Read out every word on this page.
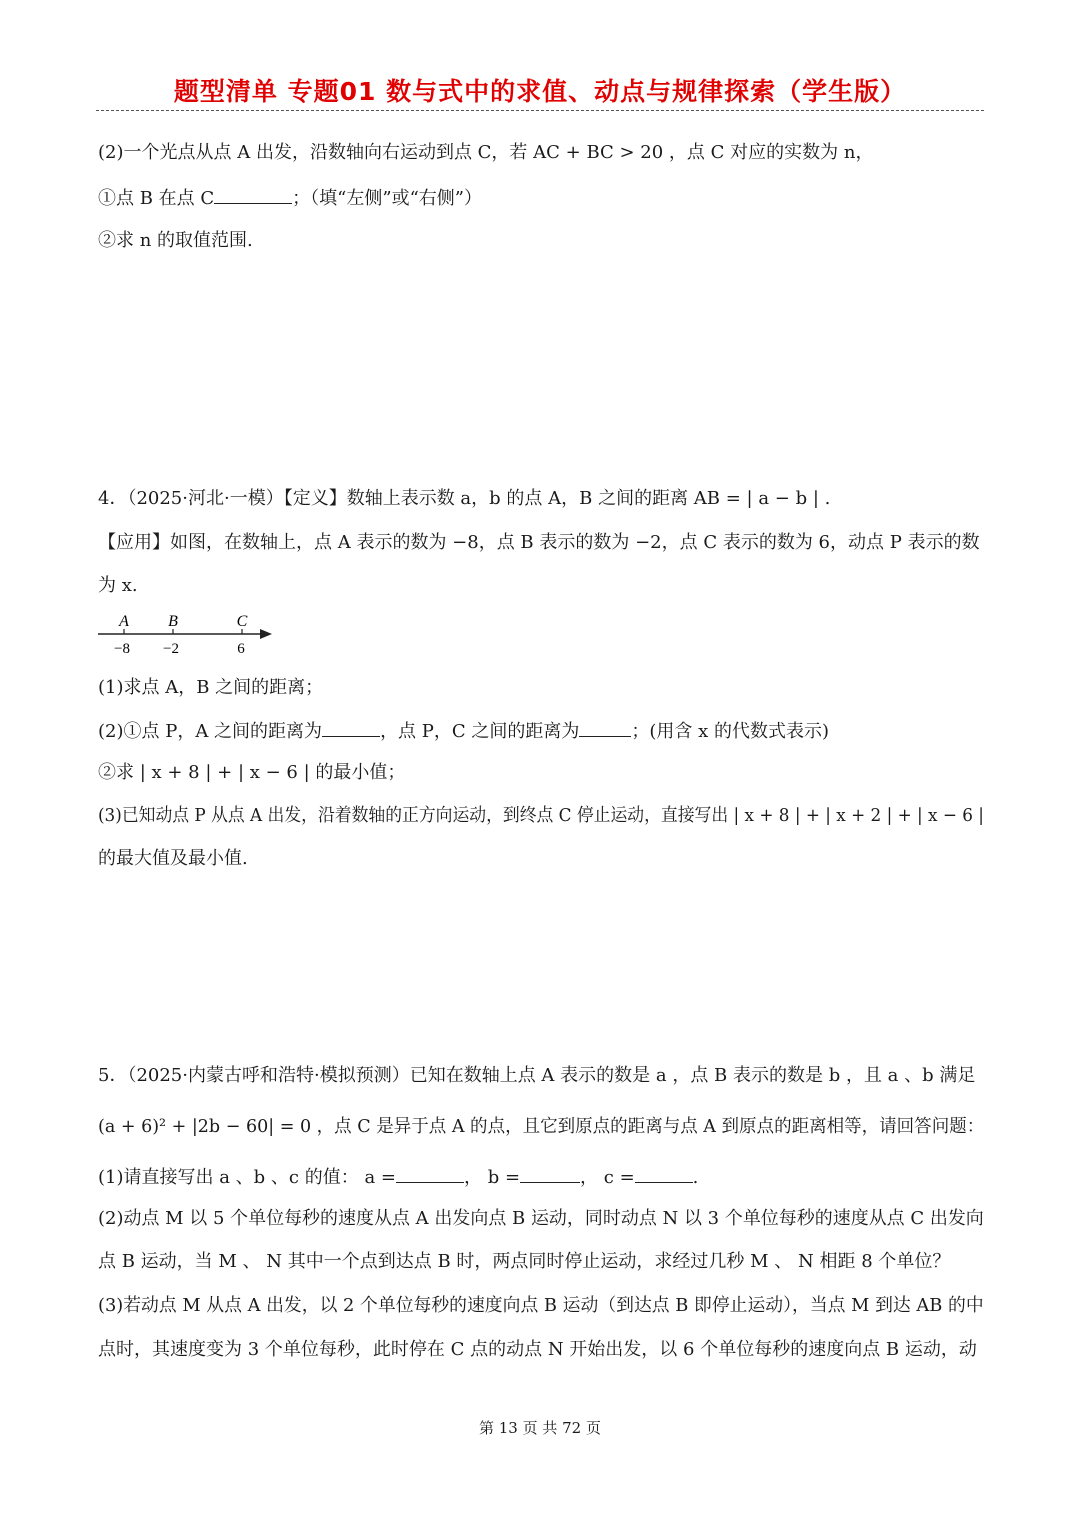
题型清单 专题01 数与式中的求值、动点与规律探索（学生版）
(2)一个光点从点 A 出发，沿数轴向右运动到点 C，若 AC + BC > 20 ，点 C 对应的实数为 n，
①点 B 在点 C	；（填“左侧”或“右侧”）
②求 n 的取值范围.
4．（2025·河北·一模）【定义】数轴上表示数 a，b 的点 A，B 之间的距离 AB = | a − b | .
【应用】如图，在数轴上，点 A 表示的数为 −8，点 B 表示的数为 −2，点 C 表示的数为 6，动点 P 表示的数
为 x.
A B	C
−8 −2	6
(1)求点 A，B 之间的距离；
(2)①点 P，A 之间的距离为	，点 P，C 之间的距离为	；(用含 x 的代数式表示)
②求 | x + 8 | + | x − 6 | 的最小值；
(3)已知动点 P 从点 A 出发，沿着数轴的正方向运动，到终点 C 停止运动，直接写出 | x + 8 | + | x + 2 | + | x − 6 |
的最大值及最小值.
5．（2025·内蒙古呼和浩特·模拟预测）已知在数轴上点 A 表示的数是 a ，点 B 表示的数是 b ，且 a 、b 满足
(a + 6)² + |2b − 60| = 0 ，点 C 是异于点 A 的点，且它到原点的距离与点 A 到原点的距离相等，请回答问题：
(1)请直接写出 a 、b 、c 的值： a =	， b =	， c =	.
(2)动点 M 以 5 个单位每秒的速度从点 A 出发向点 B 运动，同时动点 N 以 3 个单位每秒的速度从点 C 出发向
点 B 运动，当 M 、 N 其中一个点到达点 B 时，两点同时停止运动，求经过几秒 M 、 N 相距 8 个单位？
(3)若动点 M 从点 A 出发，以 2 个单位每秒的速度向点 B 运动（到达点 B 即停止运动），当点 M 到达 AB 的中
点时，其速度变为 3 个单位每秒，此时停在 C 点的动点 N 开始出发，以 6 个单位每秒的速度向点 B 运动，动
第 13 页 共 72 页
